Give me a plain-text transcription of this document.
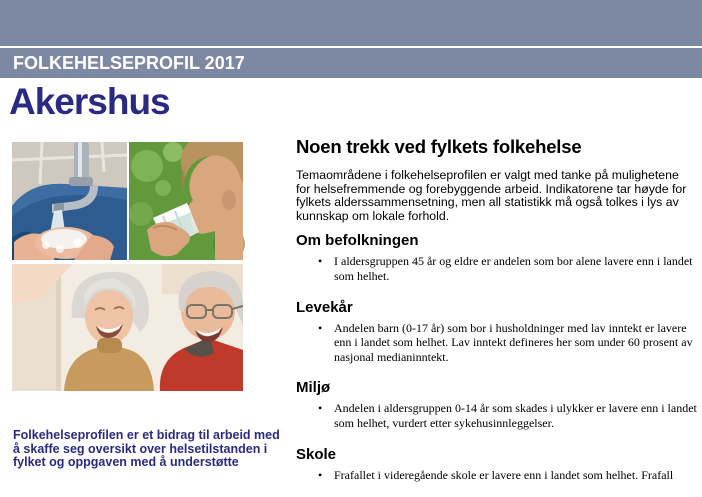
FOLKEHELSEPROFIL 2017
Akershus
Folkehelseprofilen er et bidrag til arbeid med
å skaffe seg oversikt over helsetilstanden i
fylket og oppgaven med å understøtte
Noen trekk ved fylkets folkehelse

Temaområdene i folkehelseprofilen er valgt med tanke på mulighetene for helsefremmende og forebyggende arbeid. Indikatorene tar høyde for fylkets alderssammensetning, men all statistikk må også tolkes i lys av kunnskap om lokale forhold.

Om befolkningen
• I aldersgruppen 45 år og eldre er andelen som bor alene lavere enn i landet som helhet.
Levekår
• Andelen barn (0-17 år) som bor i husholdninger med lav inntekt er lavere enn i landet som helhet. Lav inntekt defineres her som under 60 prosent av nasjonal medianinntekt.
Miljø
• Andelen i aldersgruppen 0-14 år som skades i ulykker er lavere enn i landet som helhet, vurdert etter sykehusinnleggelser.
Skole
• Frafallet i videregående skole er lavere enn i landet som helhet. Frafall
